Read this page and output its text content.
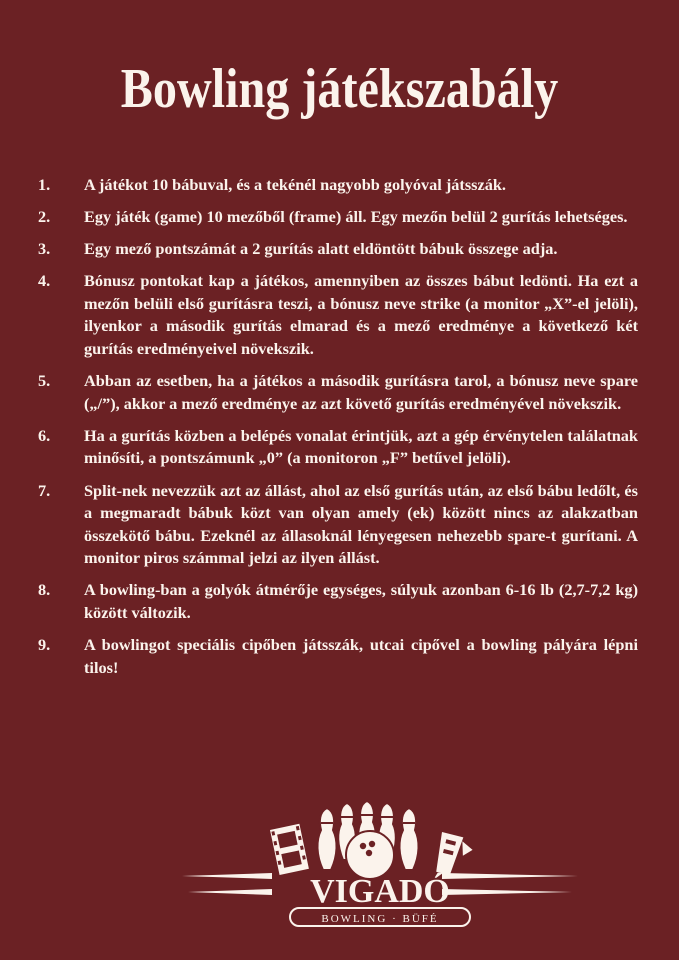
Bowling játékszabály
1.	A játékot 10 bábuval, és a tekénél nagyobb golyóval játsszák.
2.	Egy játék (game) 10 mezőből (frame) áll. Egy mezőn belül 2 gurítás lehetséges.
3.	Egy mező pontszámát a 2 gurítás alatt eldöntött bábuk összege adja.
4.	Bónusz pontokat kap a játékos, amennyiben az összes bábut ledönti. Ha ezt a mezőn belüli első gurításra teszi, a bónusz neve strike (a monitor „X”-el jelöli), ilyenkor a második gurítás elmarad és a mező eredménye a következő két gurítás eredményeivel növekszik.
5.	Abban az esetben, ha a játékos a második gurításra tarol, a bónusz neve spare („/”), akkor a mező eredménye az azt követő gurítás eredményével növekszik.
6.	Ha a gurítás közben a belépés vonalat érintjük, azt a gép érvénytelen találatnak minősíti, a pontszámunk „0” (a monitoron „F” betűvel jelöli).
7.	Split-nek nevezzük azt az állást, ahol az első gurítás után, az első bábu ledőlt, és a megmaradt bábuk közt van olyan amely (ek) között nincs az alakzatban összekötő bábu. Ezeknél az állasoknál lényegesen nehezebb spare-t gurítani. A monitor piros számmal jelzi az ilyen állást.
8.	A bowling-ban a golyók átmérője egységes, súlyuk azonban 6-16 lb (2,7-7,2 kg) között változik.
9.	A bowlingot speciális cipőben játsszák, utcai cipővel a bowling pályára lépni tilos!
VIGADÓ
BOWLING · BÜFÉ
